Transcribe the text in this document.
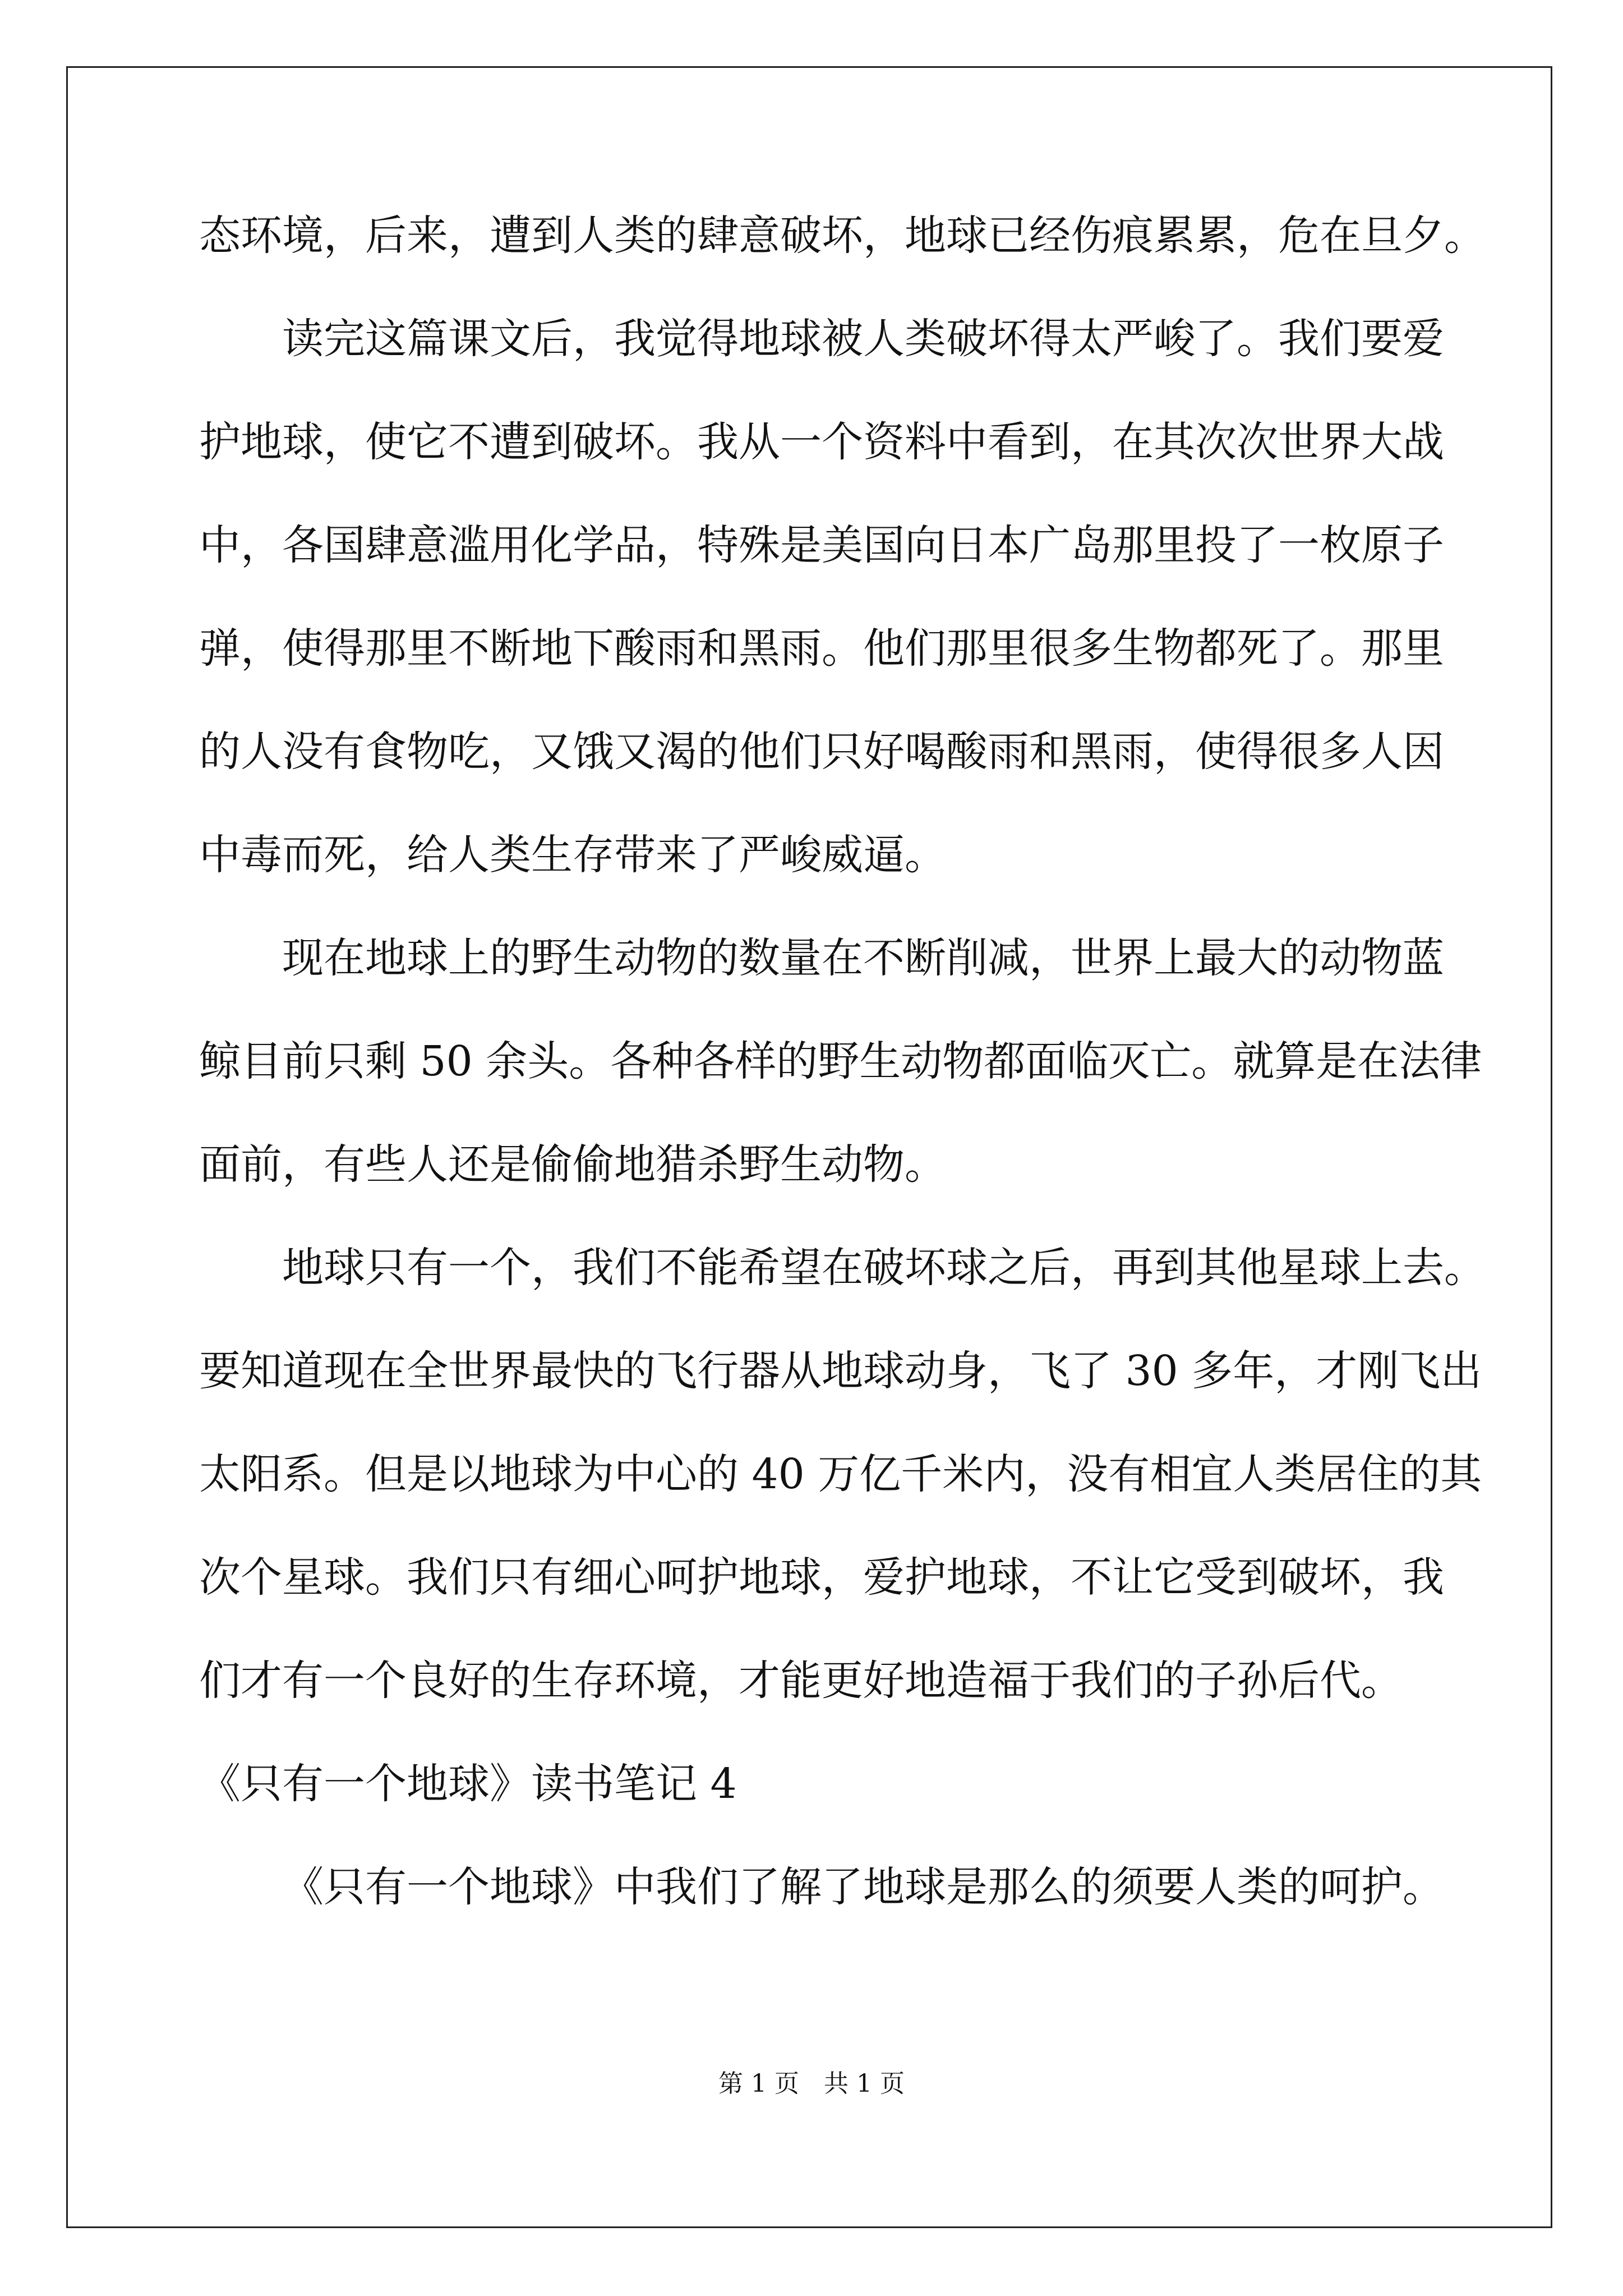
态环境，后来，遭到人类的肆意破坏，地球已经伤痕累累，危在旦夕。
读完这篇课文后，我觉得地球被人类破坏得太严峻了。我们要爱
护地球，使它不遭到破坏。我从一个资料中看到，在其次次世界大战
中，各国肆意滥用化学品，特殊是美国向日本广岛那里投了一枚原子
弹，使得那里不断地下酸雨和黑雨。他们那里很多生物都死了。那里
的人没有食物吃，又饿又渴的他们只好喝酸雨和黑雨，使得很多人因
中毒而死，给人类生存带来了严峻威逼。
现在地球上的野生动物的数量在不断削减，世界上最大的动物蓝
鲸目前只剩 50 余头。各种各样的野生动物都面临灭亡。就算是在法律
面前，有些人还是偷偷地猎杀野生动物。
地球只有一个，我们不能希望在破坏球之后，再到其他星球上去。
要知道现在全世界最快的飞行器从地球动身，飞了 30 多年，才刚飞出
太阳系。但是以地球为中心的 40 万亿千米内，没有相宜人类居住的其
次个星球。我们只有细心呵护地球，爱护地球，不让它受到破坏，我
们才有一个良好的生存环境，才能更好地造福于我们的子孙后代。
《只有一个地球》读书笔记 4
《只有一个地球》中我们了解了地球是那么的须要人类的呵护。
第 1 页　共 1 页
